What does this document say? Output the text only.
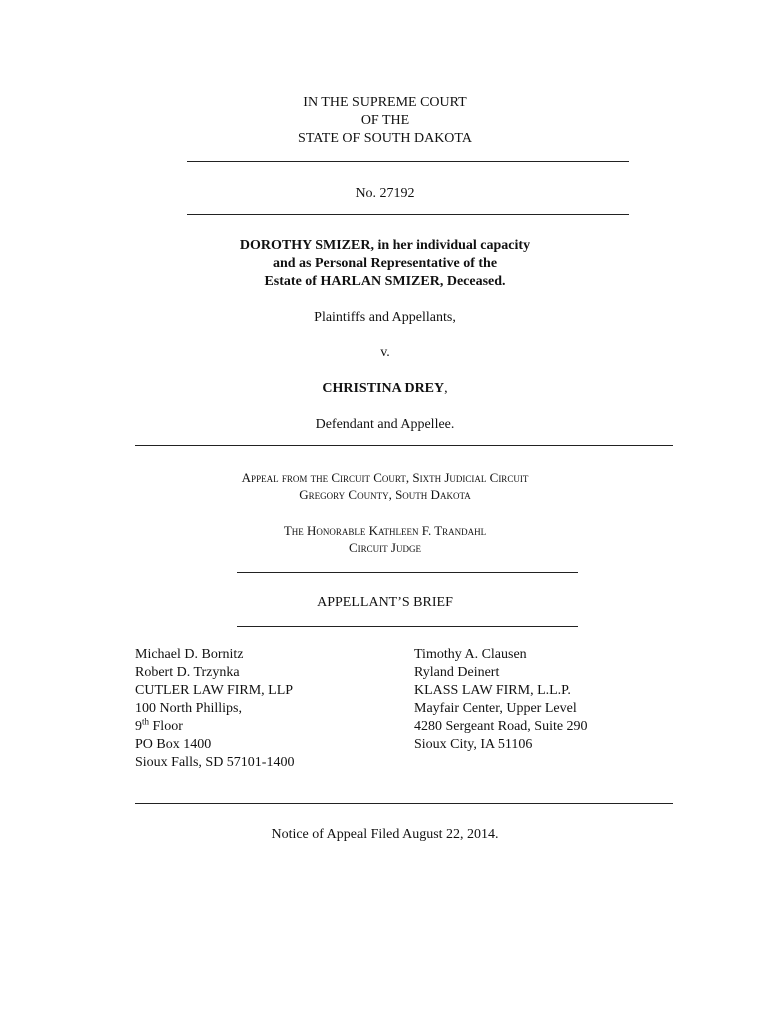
IN THE SUPREME COURT
OF THE
STATE OF SOUTH DAKOTA
No. 27192
DOROTHY SMIZER, in her individual capacity
and as Personal Representative of the
Estate of HARLAN SMIZER, Deceased.
Plaintiffs and Appellants,
v.
CHRISTINA DREY,
Defendant and Appellee.
Appeal from the Circuit Court, Sixth Judicial Circuit
Gregory County, South Dakota
The Honorable Kathleen F. Trandahl
Circuit Judge
APPELLANT’S BRIEF
Michael D. Bornitz
Robert D. Trzynka
CUTLER LAW FIRM, LLP
100 North Phillips,
9th Floor
PO Box 1400
Sioux Falls, SD 57101-1400
Timothy A. Clausen
Ryland Deinert
KLASS LAW FIRM, L.L.P.
Mayfair Center, Upper Level
4280 Sergeant Road, Suite 290
Sioux City, IA 51106
Notice of Appeal Filed August 22, 2014.
